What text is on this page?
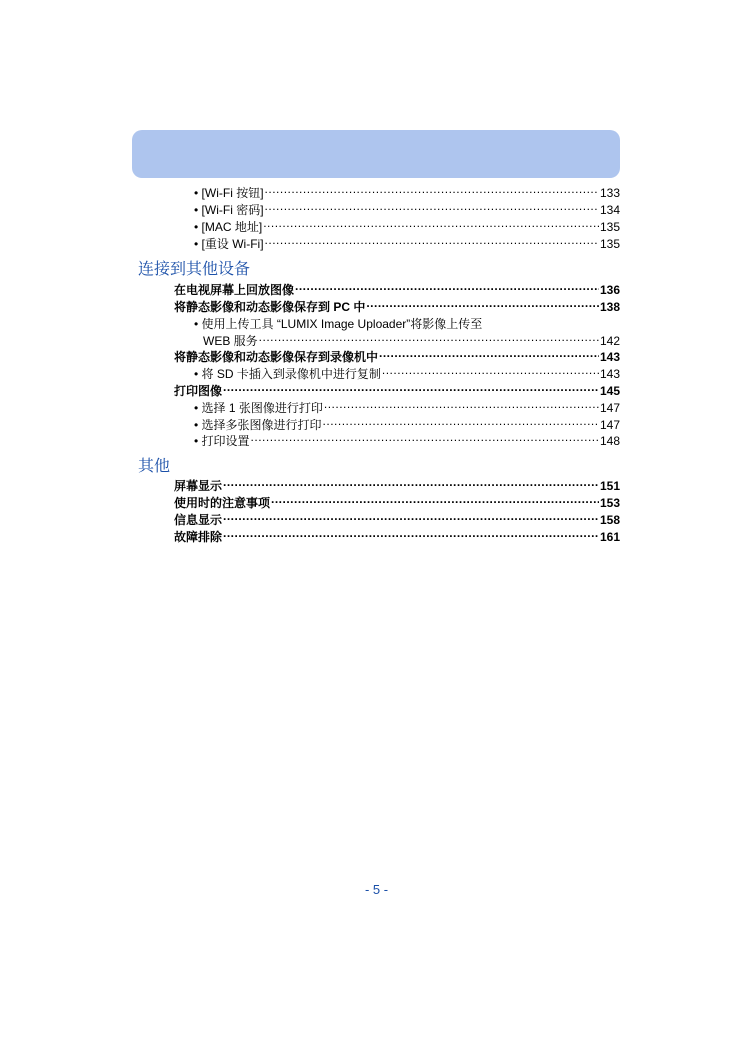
• [Wi-Fi 按钮] .....	133
• [Wi-Fi 密码] .....	134
• [MAC 地址] .....	135
• [重设 Wi-Fi] .....	135
连接到其他设备
在电视屏幕上回放图像 .....	136
将静态影像和动态影像保存到 PC 中 .....	138
• 使用上传工具 “LUMIX Image Uploader”将影像上传至
WEB 服务 .....	142
将静态影像和动态影像保存到录像机中 .....	143
• 将 SD 卡插入到录像机中进行复制 .....	143
打印图像 .....	145
• 选择 1 张图像进行打印 .....	147
• 选择多张图像进行打印 .....	147
• 打印设置 .....	148
其他
屏幕显示 .....	151
使用时的注意事项 .....	153
信息显示 .....	158
故障排除 .....	161
- 5 -
